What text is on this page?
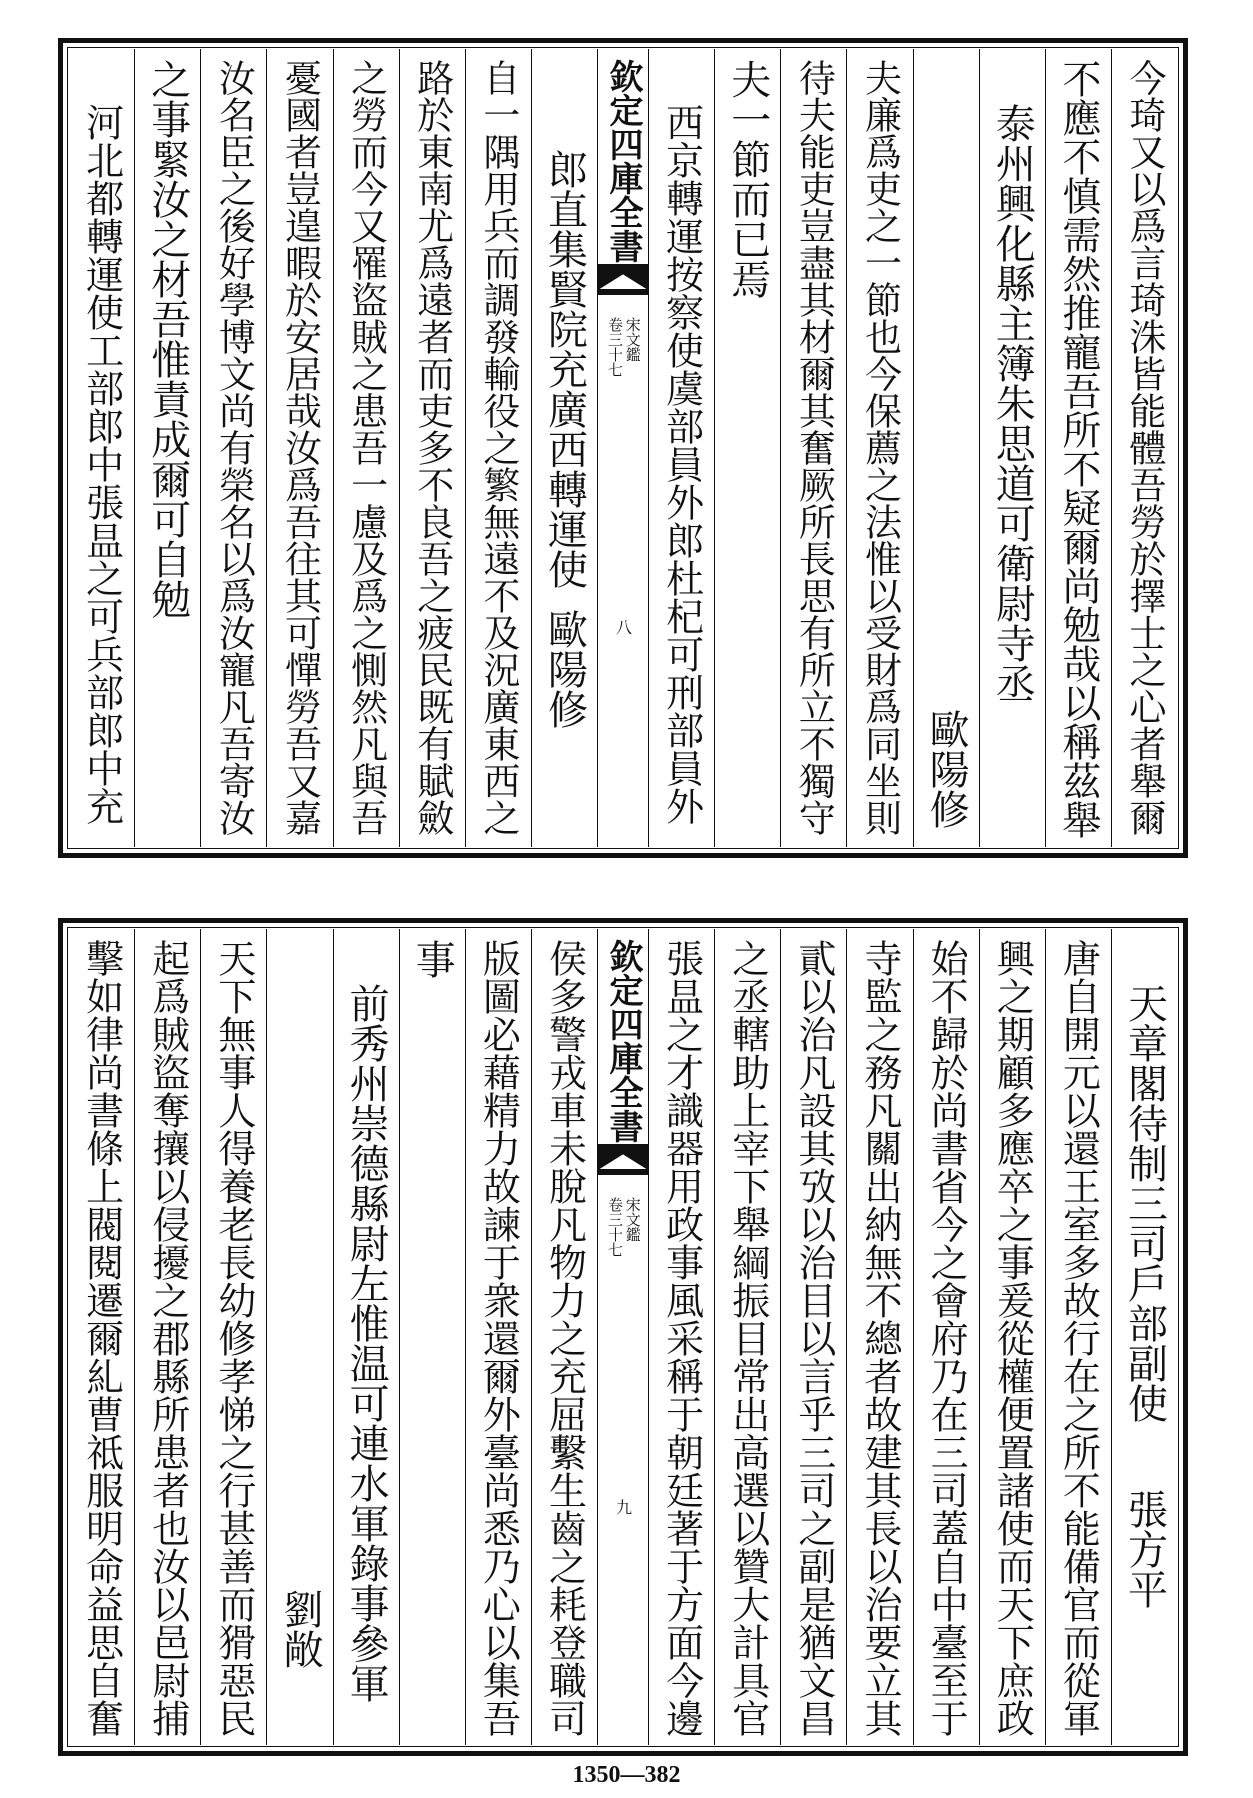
今琦又以爲言琦洙皆能體吾勞於擇士之心者舉爾
不應不慎需然推寵吾所不疑爾尚勉哉以稱茲舉
泰州興化縣主簿朱思道可衛尉寺丞
歐陽修
夫廉爲吏之一節也今保薦之法惟以受財爲同坐則
待夫能吏豈盡其材爾其奮厥所長思有所立不獨守
夫一節而已焉
西京轉運按察使虞部員外郎杜杞可刑部員外
欽定四庫全書
宋文鑑
卷三十七
八
郎直集賢院充廣西轉運使
歐陽修
自一隅用兵而調發輸役之繁無遠不及況廣東西之
路於東南尤爲遠者而吏多不良吾之疲民既有賦斂
之勞而今又罹盜賊之患吾一慮及爲之惻然凡與吾
憂國者豈遑暇於安居哉汝爲吾往其可憚勞吾又嘉
汝名臣之後好學博文尚有榮名以爲汝寵凡吾寄汝
之事緊汝之材吾惟責成爾可自勉
河北都轉運使工部郎中張昷之可兵部郎中充
天章閣待制三司戶部副使
張方平
唐自開元以還王室多故行在之所不能備官而從軍
興之期顧多應卒之事爰從權便置諸使而天下庶政
始不歸於尚書省今之會府乃在三司蓋自中臺至于
寺監之務凡關出納無不總者故建其長以治要立其
貳以治凡設其攷以治目以言乎三司之副是猶文昌
之丞轄助上宰下舉綱振目常出高選以贊大計具官
張昷之才識器用政事風采稱于朝廷著于方面今邊
欽定四庫全書
宋文鑑
卷三十七
九
侯多警戎車未脫凡物力之充屈繫生齒之耗登職司
版圖必藉精力故諫于衆還爾外臺尚悉乃心以集吾
事
前秀州崇德縣尉左惟温可連水軍錄事參軍
劉敞
天下無事人得養老長幼修孝悌之行甚善而猾惡民
起爲賊盜奪攘以侵擾之郡縣所患者也汝以邑尉捕
擊如律尚書條上閥閱遷爾糺曹祗服明命益思自奮
1350—382
